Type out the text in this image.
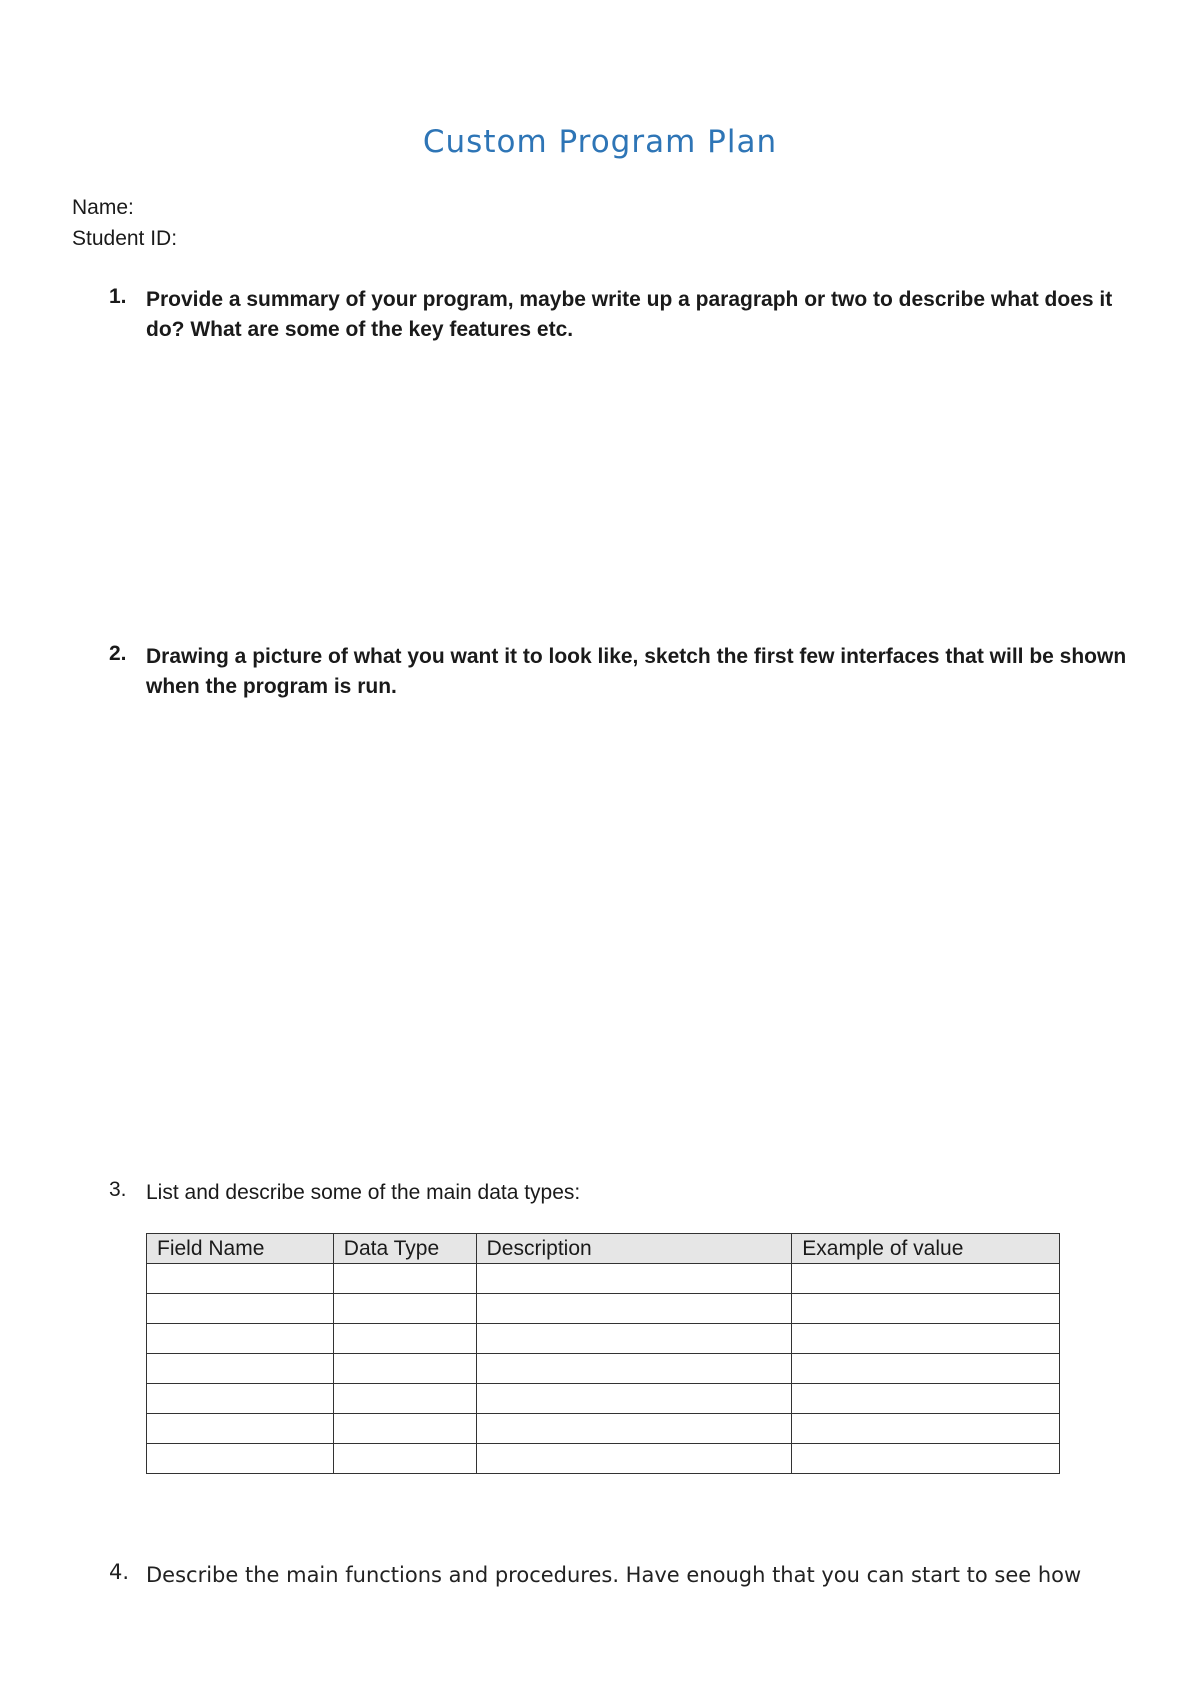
Custom Program Plan
Name:
Student ID:
1. Provide a summary of your program, maybe write up a paragraph or two to describe what does it do? What are some of the key features etc.
2. Drawing a picture of what you want it to look like, sketch the first few interfaces that will be shown when the program is run.
3. List and describe some of the main data types:
Field Name	Data Type	Description	Example of value

4. Describe the main functions and procedures. Have enough that you can start to see how
